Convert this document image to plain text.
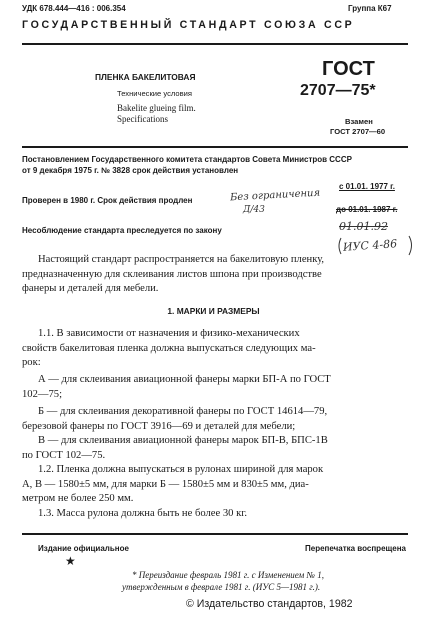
УДК 678.444—416 : 006.354	Группа К67
ГОСУДАРСТВЕННЫЙ СТАНДАРТ СОЮЗА ССР
ПЛЕНКА БАКЕЛИТОВАЯ
Технические условия
Bakelite glueing film.
Specifications
ГОСТ
2707—75*
Взамен
ГОСТ 2707—60
Постановлением Государственного комитета стандартов Совета Министров СССР
от 9 декабря 1975 г. № 3828 срок действия установлен
с 01.01. 1977 г.
Проверен в 1980 г. Срок действия продлен	Без ограничения
Д/43	до 01.01. 1987 г.
Несоблюдение стандарта преследуется по закону	01.01.92
ИУС 4-86
Настоящий стандарт распространяется на бакелитовую пленку,
предназначенную для склеивания листов шпона при производстве
фанеры и деталей для мебели.
1. МАРКИ И РАЗМЕРЫ
1.1. В зависимости от назначения и физико-механических
свойств бакелитовая пленка должна выпускаться следующих ма-
рок:
А — для склеивания авиационной фанеры марки БП-А по ГОСТ
102—75;
Б — для склеивания декоративной фанеры по ГОСТ 14614—79,
березовой фанеры по ГОСТ 3916—69 и деталей для мебели;
В — для склеивания авиационной фанеры марок БП-В, БПС-1В
по ГОСТ 102—75.
1.2. Пленка должна выпускаться в рулонах шириной для марок
А, В — 1580±5 мм, для марки Б — 1580±5 мм и 830±5 мм, диа-
метром не более 250 мм.
1.3. Масса рулона должна быть не более 30 кг.
Издание официальное
★
Перепечатка воспрещена
* Переиздание февраль 1981 г. с Изменением № 1,
утвержденным в феврале 1981 г. (ИУС 5—1981 г.).
© Издательство стандартов, 1982
